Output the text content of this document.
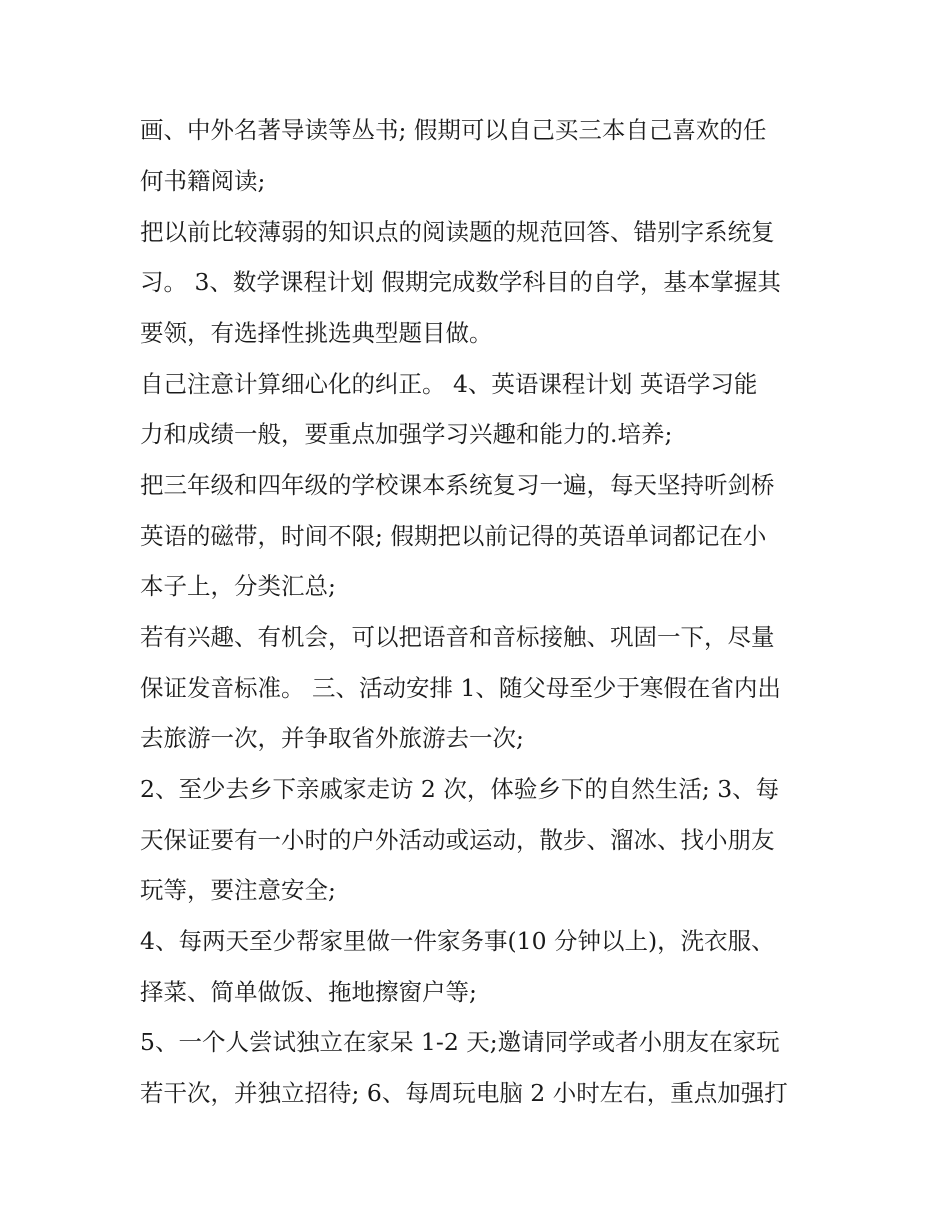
画、中外名著导读等丛书; 假期可以自己买三本自己喜欢的任
何书籍阅读;
把以前比较薄弱的知识点的阅读题的规范回答、错别字系统复
习。 3、数学课程计划 假期完成数学科目的自学，基本掌握其
要领，有选择性挑选典型题目做。
自己注意计算细心化的纠正。 4、英语课程计划 英语学习能
力和成绩一般，要重点加强学习兴趣和能力的.培养;
把三年级和四年级的学校课本系统复习一遍，每天坚持听剑桥
英语的磁带，时间不限; 假期把以前记得的英语单词都记在小
本子上，分类汇总;
若有兴趣、有机会，可以把语音和音标接触、巩固一下，尽量
保证发音标准。 三、活动安排 1、随父母至少于寒假在省内出
去旅游一次，并争取省外旅游去一次;
2、至少去乡下亲戚家走访 2 次，体验乡下的自然生活; 3、每
天保证要有一小时的户外活动或运动，散步、溜冰、找小朋友
玩等，要注意安全;
4、每两天至少帮家里做一件家务事(10 分钟以上)，洗衣服、
择菜、简单做饭、拖地擦窗户等;
5、一个人尝试独立在家呆 1-2 天;邀请同学或者小朋友在家玩
若干次，并独立招待; 6、每周玩电脑 2 小时左右，重点加强打
